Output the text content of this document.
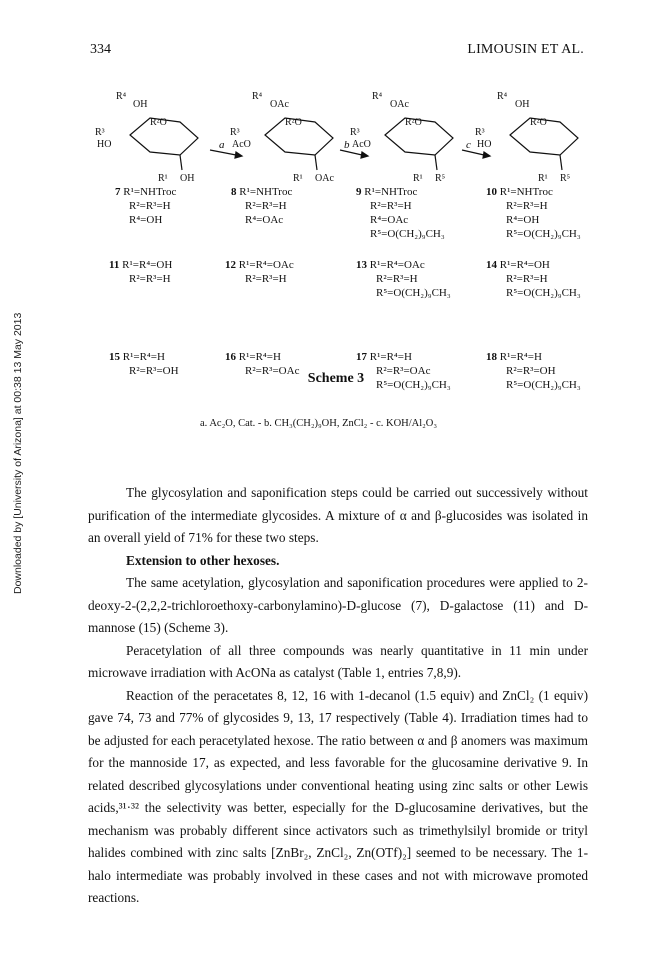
334	LIMOUSIN ET AL.
Downloaded by [University of Arizona] at 00:38 13 May 2013
R⁴
OH
R³
R²O
HO
R¹ OH
R⁴
OAc
R³
R²O
AcO
R¹ OAc
R⁴
OAc
R³
R²O
AcO
R¹ R⁵
R⁴
OH
R³
R²O
HO
R¹ R⁵
a	b	c
7 R¹=NHTroc
R²=R³=H
R⁴=OH
8 R¹=NHTroc
R²=R³=H
R⁴=OAc
9 R¹=NHTroc
R²=R³=H
R⁴=OAc
R⁵=O(CH₂)₉CH₃
10 R¹=NHTroc
R²=R³=H
R⁴=OH
R⁵=O(CH₂)₉CH₃
11 R¹=R⁴=OH
R²=R³=H
12 R¹=R⁴=OAc
R²=R³=H
13 R¹=R⁴=OAc
R²=R³=H
R⁵=O(CH₂)₉CH₃
14 R¹=R⁴=OH
R²=R³=H
R⁵=O(CH₂)₉CH₃
15 R¹=R⁴=H
R²=R³=OH
16 R¹=R⁴=H
R²=R³=OAc
17 R¹=R⁴=H
R²=R³=OAc
R⁵=O(CH₂)₉CH₃
18 R¹=R⁴=H
R²=R³=OH
R⁵=O(CH₂)₉CH₃
a. Ac₂O, Cat. - b. CH₃(CH₂)₉OH, ZnCl₂ - c. KOH/Al₂O₃
Scheme 3

The glycosylation and saponification steps could be carried out successively without purification of the intermediate glycosides. A mixture of α and β-glucosides was isolated in an overall yield of 71% for these two steps.

Extension to other hexoses.

The same acetylation, glycosylation and saponification procedures were applied to 2-deoxy-2-(2,2,2-trichloroethoxy-carbonylamino)-D-glucose (7), D-galactose (11) and D-mannose (15) (Scheme 3).

Peracetylation of all three compounds was nearly quantitative in 11 min under microwave irradiation with AcONa as catalyst (Table 1, entries 7,8,9).

Reaction of the peracetates 8, 12, 16 with 1-decanol (1.5 equiv) and ZnCl₂ (1 equiv) gave 74, 73 and 77% of glycosides 9, 13, 17 respectively (Table 4). Irradiation times had to be adjusted for each peracetylated hexose. The ratio between α and β anomers was maximum for the mannoside 17, as expected, and less favorable for the glucosamine derivative 9. In related described glycosylations under conventional heating using zinc salts or other Lewis acids,³¹·³² the selectivity was better, especially for the D-glucosamine derivatives, but the mechanism was probably different since activators such as trimethylsilyl bromide or trityl halides combined with zinc salts [ZnBr₂, ZnCl₂, Zn(OTf)₂] seemed to be necessary. The 1-halo intermediate was probably involved in these cases and not with microwave promoted reactions.
